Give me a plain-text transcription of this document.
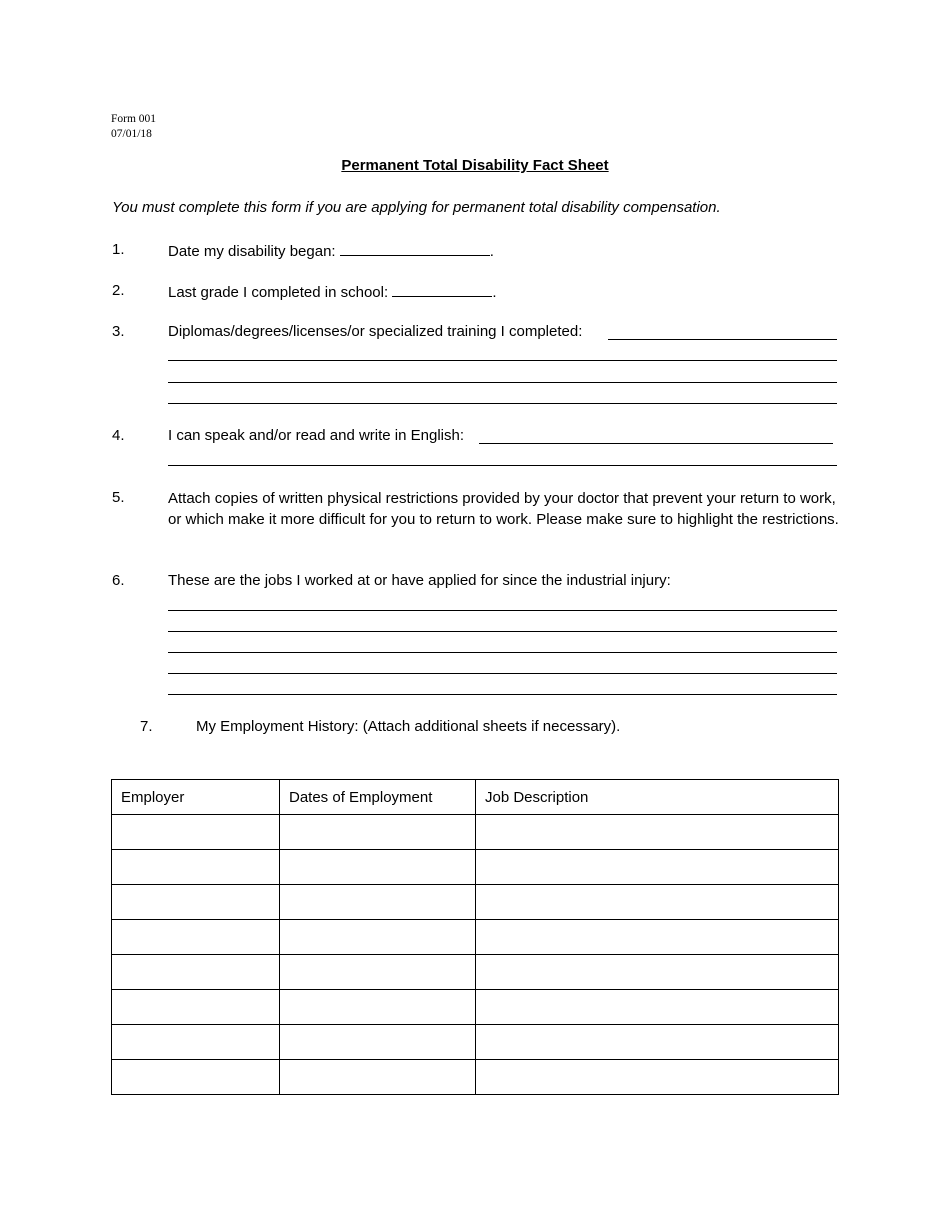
Form 001
07/01/18
Permanent Total Disability Fact Sheet
You must complete this form if you are applying for permanent total disability compensation.
1.	Date my disability began:	.
2.	Last grade I completed in school:	.
3.	Diplomas/degrees/licenses/or specialized training I completed:
4.	I can speak and/or read and write in English:
5.	Attach copies of written physical restrictions provided by your doctor that prevent your return to work, or which make it more difficult for you to return to work. Please make sure to highlight the restrictions.
6.	These are the jobs I worked at or have applied for since the industrial injury:
7.	My Employment History: (Attach additional sheets if necessary).
Employer	Dates of Employment	Job Description
